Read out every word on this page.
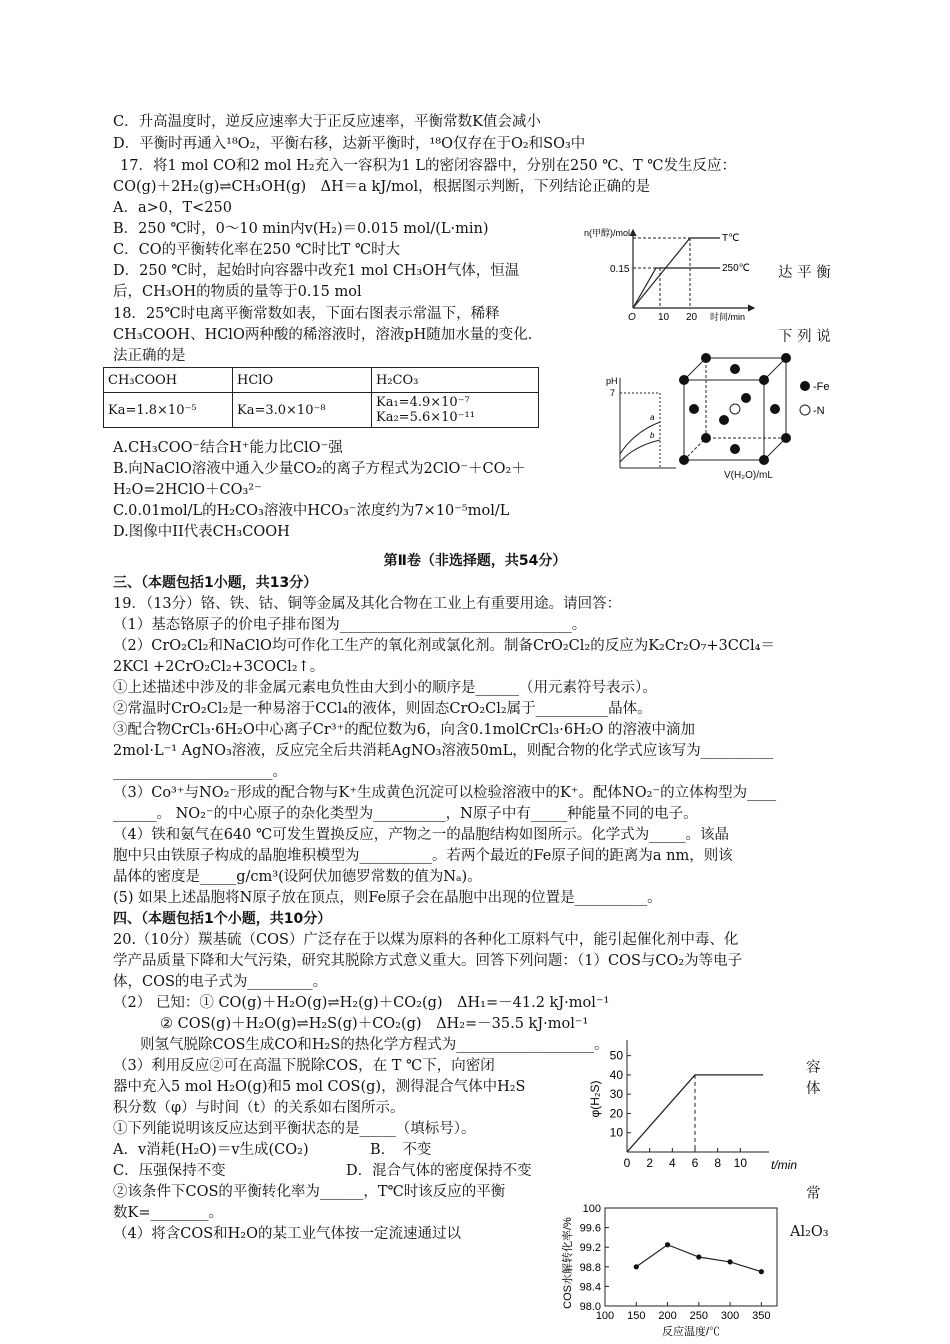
C．升高温度时，逆反应速率大于正反应速率，平衡常数K值会减小
D．平衡时再通入¹⁸O₂，平衡右移，达新平衡时，¹⁸O仅存在于O₂和SO₃中
17．将1 mol CO和2 mol H₂充入一容积为1 L的密闭容器中，分别在250 ℃、T ℃发生反应：
CO(g)＋2H₂(g)⇌CH₃OH(g)　ΔH＝a kJ/mol，根据图示判断，下列结论正确的是
A．a>0，T<250
B．250 ℃时，0～10 min内v(H₂)＝0.015 mol/(L·min)
C．CO的平衡转化率在250 ℃时比T ℃时大
D．250 ℃时，起始时向容器中改充1 mol CH₃OH气体，恒温	达 平 衡
后，CH₃OH的物质的量等于0.15 mol
n(甲醇)/mol
0.15
O 10 20 时间/min
T℃
250℃
18．25℃时电离平衡常数如表，下面右图表示常温下，稀释
CH₃COOH、HClO两种酸的稀溶液时，溶液pH随加水量的变化.	下 列 说
法正确的是
CH₃COOH	HClO	H₂CO₃
Ka=1.8×10⁻⁵	Ka=3.0×10⁻⁸	Ka₁=4.9×10⁻⁷
Ka₂=5.6×10⁻¹¹
A.CH₃COO⁻结合H⁺能力比ClO⁻强
B.向NaClO溶液中通入少量CO₂的离子方程式为2ClO⁻＋CO₂＋
H₂O=2HClO＋CO₃²⁻
C.0.01mol/L的H₂CO₃溶液中HCO₃⁻浓度约为7×10⁻⁵mol/L
D.图像中II代表CH₃COOH
pH
7
a
b
V(H₂O)/mL
-Fe
-N
第Ⅱ卷（非选择题，共54分）
三、（本题包括1小题，共13分）
19．（13分）铬、铁、钴、铜等金属及其化合物在工业上有重要用途。请回答：
（1）基态铬原子的价电子排布图为________________________________。
（2）CrO₂Cl₂和NaClO均可作化工生产的氧化剂或氯化剂。制备CrO₂Cl₂的反应为K₂Cr₂O₇+3CCl₄＝
2KCl +2CrO₂Cl₂+3COCl₂↑。
①上述描述中涉及的非金属元素电负性由大到小的顺序是______（用元素符号表示）。
②常温时CrO₂Cl₂是一种易溶于CCl₄的液体，则固态CrO₂Cl₂属于__________晶体。
③配合物CrCl₃·6H₂O中心离子Cr³⁺的配位数为6，向含0.1molCrCl₃·6H₂O 的溶液中滴加
2mol·L⁻¹ AgNO₃溶液，反应完全后共消耗AgNO₃溶液50mL，则配合物的化学式应该写为__________
______________________。
（3）Co³⁺与NO₂⁻形成的配合物与K⁺生成黄色沉淀可以检验溶液中的K⁺。配体NO₂⁻的立体构型为____
______。 NO₂⁻的中心原子的杂化类型为__________，N原子中有_____种能量不同的电子。
（4）铁和氨气在640 ℃可发生置换反应，产物之一的晶胞结构如图所示。化学式为_____。该晶
胞中只由铁原子构成的晶胞堆积模型为__________。若两个最近的Fe原子间的距离为a nm，则该
晶体的密度是_____g/cm³(设阿伏加德罗常数的值为Nₐ)。
(5) 如果上述晶胞将N原子放在顶点，则Fe原子会在晶胞中出现的位置是__________。
四、（本题包括1个小题，共10分）
20.（10分）羰基硫（COS）广泛存在于以煤为原料的各种化工原料气中，能引起催化剂中毒、化
学产品质量下降和大气污染，研究其脱除方式意义重大。回答下列问题：（1）COS与CO₂为等电子
体，COS的电子式为_________。
（2） 已知：① CO(g)＋H₂O(g)⇌H₂(g)＋CO₂(g)　ΔH₁=－41.2 kJ·mol⁻¹
② COS(g)＋H₂O(g)⇌H₂S(g)＋CO₂(g)　ΔH₂=－35.5 kJ·mol⁻¹
则氢气脱除COS生成CO和H₂S的热化学方程式为___________________。
（3）利用反应②可在高温下脱除COS，在 T ℃下，向密闭	容
器中充入5 mol H₂O(g)和5 mol COS(g)，测得混合气体中H₂S	体
积分数（φ）与时间（t）的关系如右图所示。
①下列能说明该反应达到平衡状态的是_____（填标号）。
A．v消耗(H₂O)＝v生成(CO₂)	B．　不变
C．压强保持不变	D．混合气体的密度保持不变
②该条件下COS的平衡转化率为______，T℃时该反应的平衡	常
数K=________。
（4）将含COS和H₂O的某工业气体按一定流速通过以	Al₂O₃
10
20
30
40
50
0 2 4 6 8 10 t/min
φ(H₂S)
98.0
98.4
98.8
99.2
99.6
100
100 150 200 250 300 350
反应温度/℃
COS水解转化率/%
